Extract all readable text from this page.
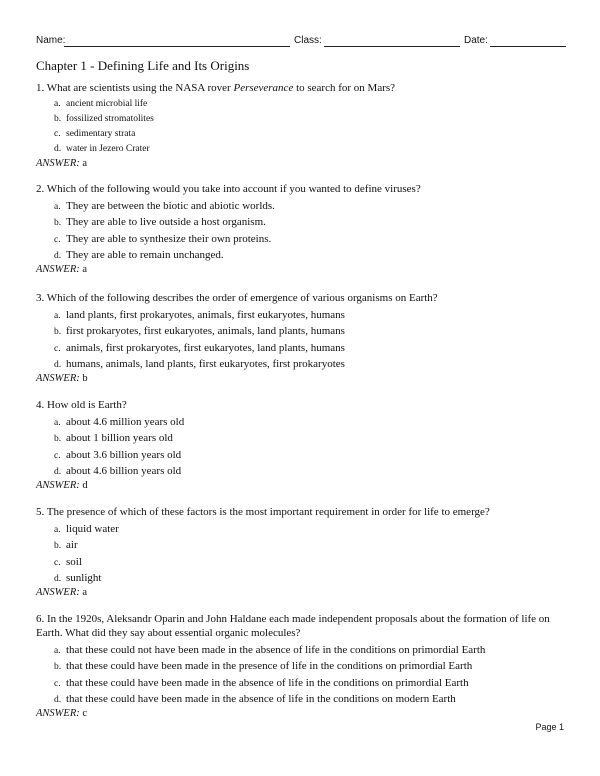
Name:	Class:	Date:
Chapter 1 - Defining Life and Its Origins
1. What are scientists using the NASA rover Perseverance to search for on Mars?
a. ancient microbial life
b. fossilized stromatolites
c. sedimentary strata
d. water in Jezero Crater
ANSWER: a
2. Which of the following would you take into account if you wanted to define viruses?
a. They are between the biotic and abiotic worlds.
b. They are able to live outside a host organism.
c. They are able to synthesize their own proteins.
d. They are able to remain unchanged.
ANSWER: a
3. Which of the following describes the order of emergence of various organisms on Earth?
a. land plants, first prokaryotes, animals, first eukaryotes, humans
b. first prokaryotes, first eukaryotes, animals, land plants, humans
c. animals, first prokaryotes, first eukaryotes, land plants, humans
d. humans, animals, land plants, first eukaryotes, first prokaryotes
ANSWER: b
4. How old is Earth?
a. about 4.6 million years old
b. about 1 billion years old
c. about 3.6 billion years old
d. about 4.6 billion years old
ANSWER: d
5. The presence of which of these factors is the most important requirement in order for life to emerge?
a. liquid water
b. air
c. soil
d. sunlight
ANSWER: a
6. In the 1920s, Aleksandr Oparin and John Haldane each made independent proposals about the formation of life on Earth. What did they say about essential organic molecules?
a. that these could not have been made in the absence of life in the conditions on primordial Earth
b. that these could have been made in the presence of life in the conditions on primordial Earth
c. that these could have been made in the absence of life in the conditions on primordial Earth
d. that these could have been made in the absence of life in the conditions on modern Earth
ANSWER: c
Page 1
